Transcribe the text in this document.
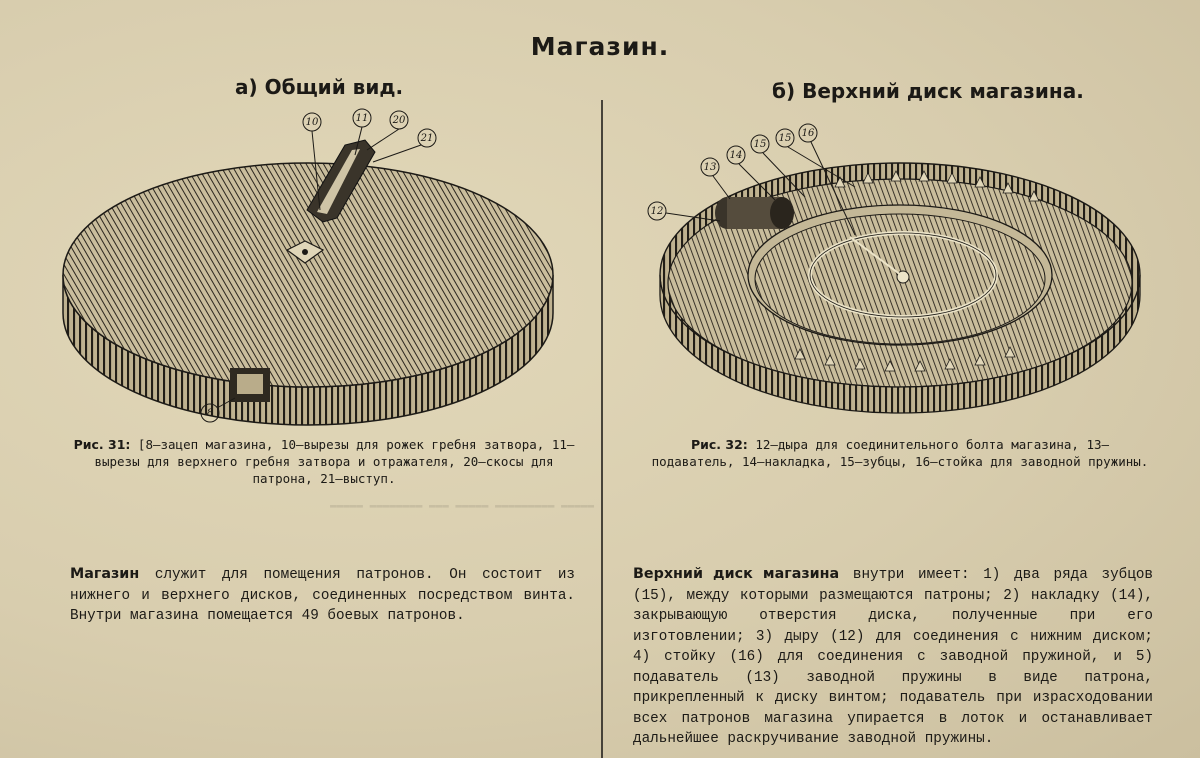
▬▬▬▬▬ ▬▬▬▬▬▬▬▬ ▬▬▬ ▬▬▬▬▬ ▬▬▬▬▬▬▬▬▬ ▬▬▬▬▬
Магазин.
а) Общий вид.	б) Верхний диск магазина.
10	11 20
21
8
13
14
15
15 16
12
Рис. 31: [8—зацеп магазина, 10—вырезы для рожек гребня затвора, 11—вырезы для верхнего гребня затвора и отражателя, 20—скосы для патрона, 21—выступ.
Рис. 32: 12—дыра для соединительного болта магазина, 13—подаватель, 14—накладка, 15—зубцы, 16—стойка для заводной пружины.
Магазин служит для помещения патронов. Он состоит из нижнего и верхнего дисков, соединенных посредством винта. Внутри магазина помещается 49 боевых патронов.
Верхний диск магазина внутри имеет: 1) два ряда зубцов (15), между которыми размещаются патроны; 2) накладку (14), закрывающую отверстия диска, полученные при его изготовлении; 3) дыру (12) для соединения с нижним диском; 4) стойку (16) для соединения с заводной пружиной, и 5) подаватель (13) заводной пружины в виде патрона, прикрепленный к диску винтом; подаватель при израсходовании всех патронов магазина упирается в лоток и останавливает дальнейшее раскручивание заводной пружины.
